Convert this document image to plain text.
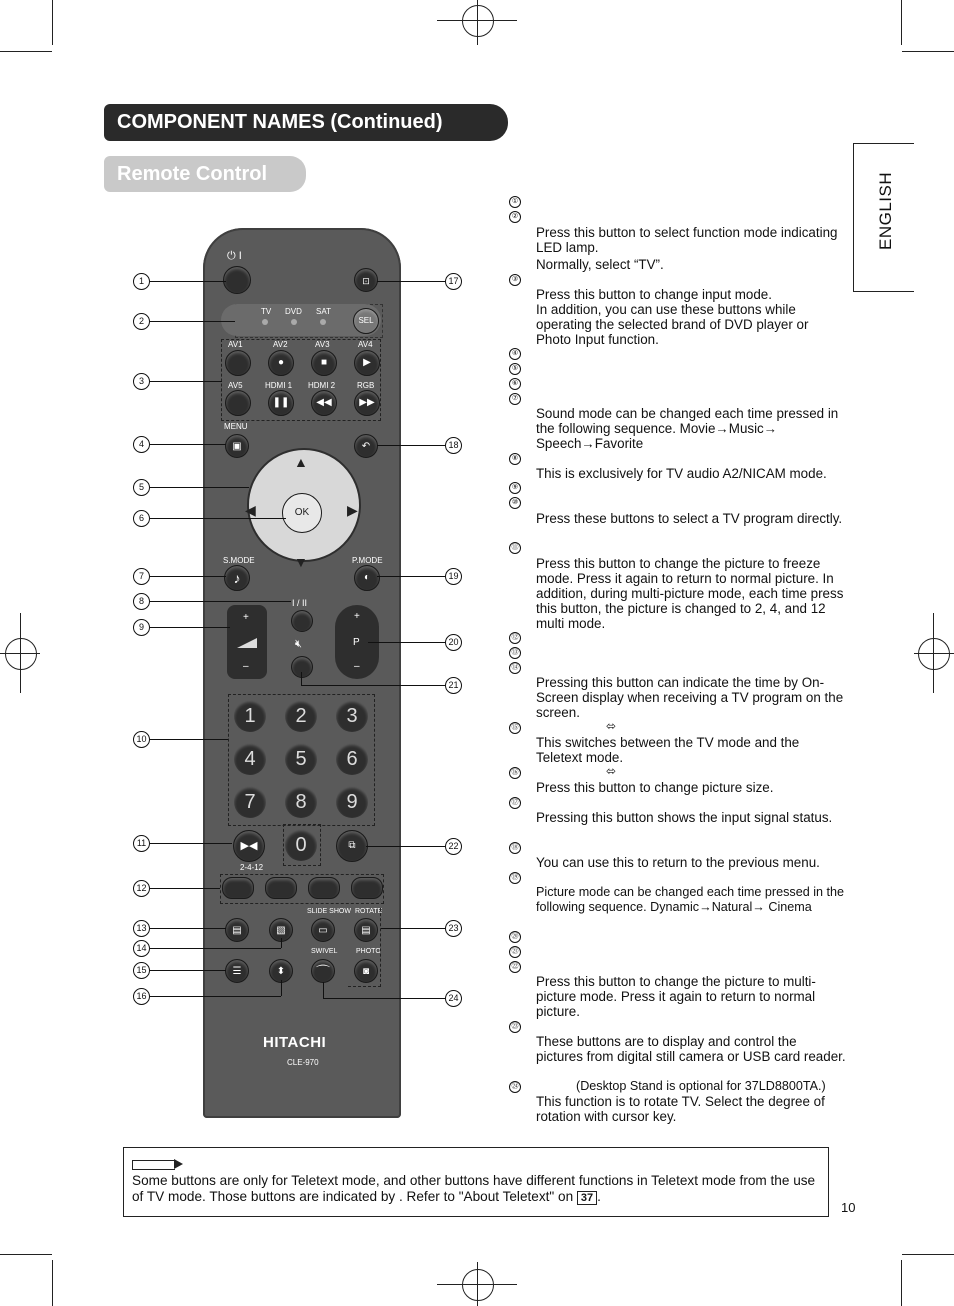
COMPONENT NAMES (Continued)
Remote Control	ENGLISH
⏻ I
⊡
TV DVD SAT
SEL
AV1	AV2	AV3	AV4
●	■	▶
AV5	HDMI 1 HDMI 2	RGB
❚❚	◀◀	▶▶
MENU
▣	↶
▲
▼
◀	▶
OK
S.MODE	P.MODE
♪	◐
I / II
+
–
+
P
–
🔇︎
1	2	3
4	5	6
7	8	9
0
▶◀
2-4-12
⧉
SLIDE SHOW ROTATE
▤	▧	▭	▤
SWIVEL	PHOTO
☰	⬍	⌒	◙
HITACHI
CLE-970
1
2
3
4
5
6
7
8
9
10
11
12
13
14
15
16
17
18
19
20
21
22
23
24
①
②
Press this button to select function mode indicating LED lamp.
Normally, select “TV”.
③
Press this button to change input mode.
In addition, you can use these buttons while operating the selected brand of DVD player or Photo Input function.
④
⑤
⑥
⑦
Sound mode can be changed each time pressed in the following sequence. Movie→Music→ Speech→Favorite
⑧
This is exclusively for TV audio A2/NICAM mode.
⑨
⑩
Press these buttons to select a TV program directly.
⑪
Press this button to change the picture to freeze mode. Press it again to return to normal picture. In addition, during multi-picture mode, each time press this button, the picture is changed to 2, 4, and 12 multi mode.
⑫
⑬
⑭
Pressing this button can indicate the time by On-Screen display when receiving a TV program on the screen.
⑮	⬄
This switches between the TV mode and the Teletext mode.
⑯	⬄
Press this button to change picture size.
⑰
Pressing this button shows the input signal status.
⑱
You can use this to return to the previous menu.
⑲
Picture mode can be changed each time pressed in the following sequence. Dynamic→Natural→ Cinema
⑳
㉑
㉒
Press this button to change the picture to multi-picture mode. Press it again to return to normal picture.
㉓
These buttons are to display and control the pictures from digital still camera or USB card reader.
㉔	(Desktop Stand is optional for 37LD8800TA.)
This function is to rotate TV. Select the degree of rotation with cursor key.
Some buttons are only for Teletext mode, and other buttons have different functions in Teletext mode from the use of TV mode. Those buttons are indicated by . Refer to "About Teletext" on 37 .
10
